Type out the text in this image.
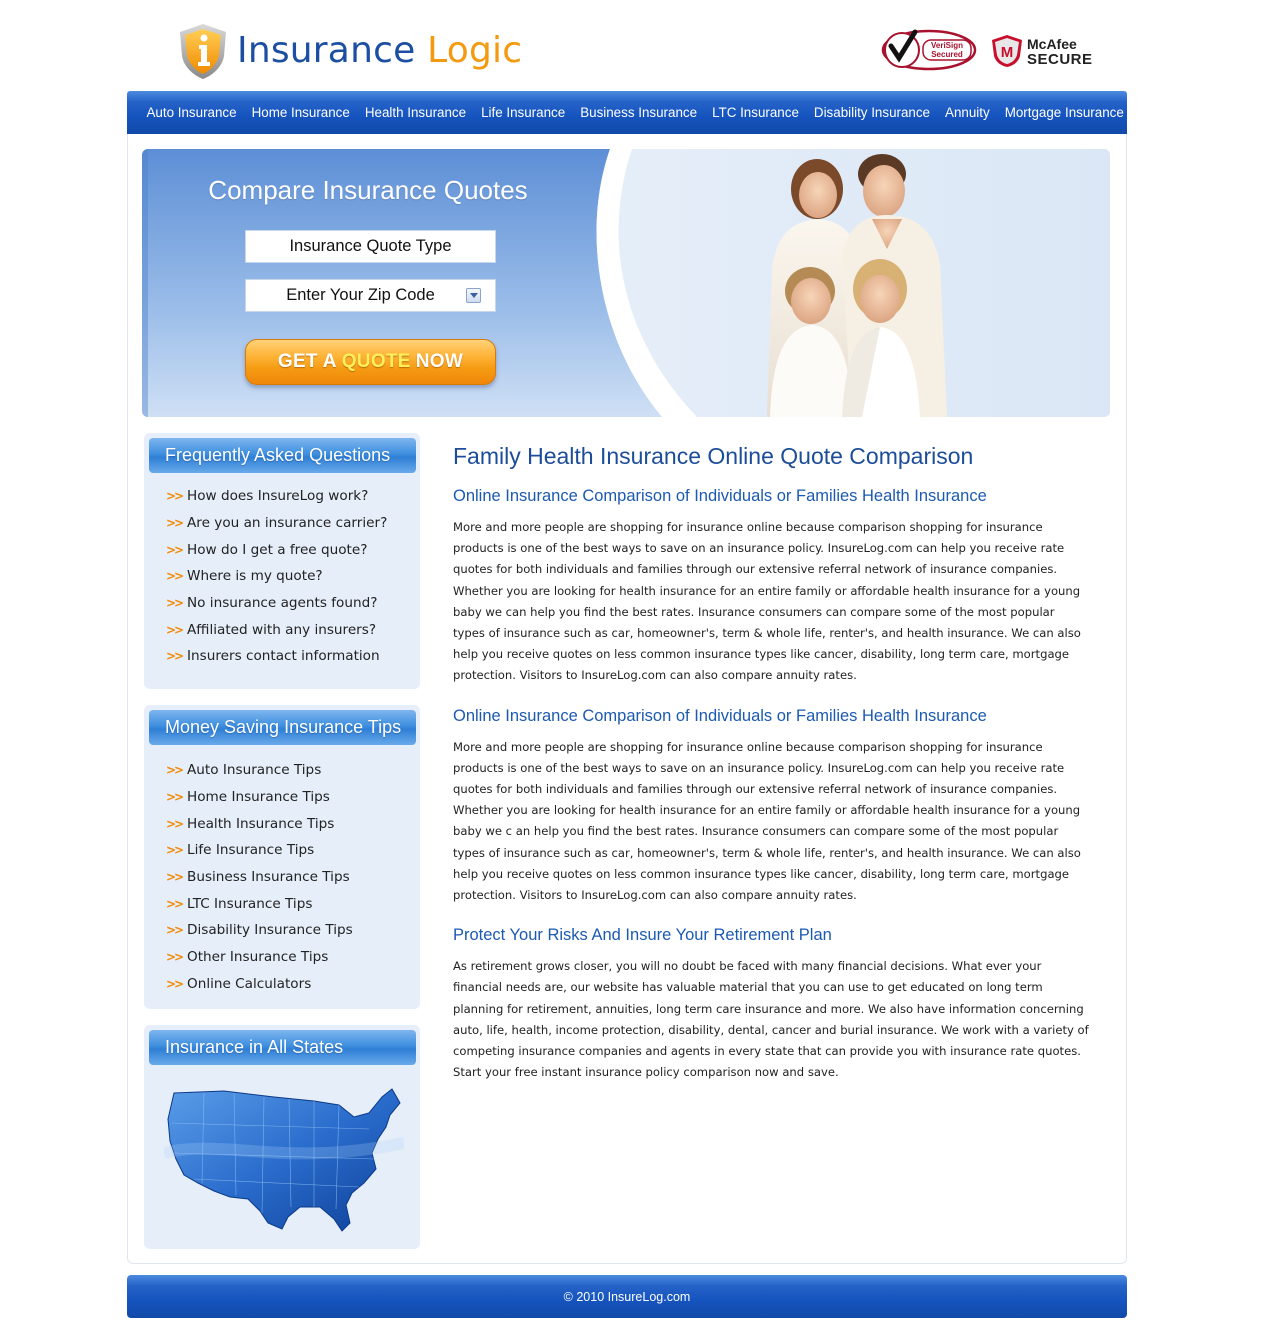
Insurance Logic	VeriSign
Secured	M McAfee
SECURE
Auto Insurance Home Insurance Health Insurance Life Insurance Business Insurance LTC Insurance Disability Insurance Annuity Mortgage Insurance
Compare Insurance Quotes
Insurance Quote Type
Enter Your Zip Code
GET A QUOTE NOW
Frequently Asked Questions
>> How does InsureLog work?
>> Are you an insurance carrier?
>> How do I get a free quote?
>> Where is my quote?
>> No insurance agents found?
>> Affiliated with any insurers?
>> Insurers contact information
Money Saving Insurance Tips
>> Auto Insurance Tips
>> Home Insurance Tips
>> Health Insurance Tips
>> Life Insurance Tips
>> Business Insurance Tips
>> LTC Insurance Tips
>> Disability Insurance Tips
>> Other Insurance Tips
>> Online Calculators
Insurance in All States
Family Health Insurance Online Quote Comparison
Online Insurance Comparison of Individuals or Families Health Insurance

More and more people are shopping for insurance online because comparison shopping for insurance products is one of the best ways to save on an insurance policy. InsureLog.com can help you receive rate quotes for both individuals and families through our extensive referral network of insurance companies. Whether you are looking for health insurance for an entire family or affordable health insurance for a young baby we can help you find the best rates. Insurance consumers can compare some of the most popular types of insurance such as car, homeowner's, term & whole life, renter's, and health insurance. We can also help you receive quotes on less common insurance types like cancer, disability, long term care, mortgage protection. Visitors to InsureLog.com can also compare annuity rates.

Online Insurance Comparison of Individuals or Families Health Insurance

More and more people are shopping for insurance online because comparison shopping for insurance products is one of the best ways to save on an insurance policy. InsureLog.com can help you receive rate quotes for both individuals and families through our extensive referral network of insurance companies. Whether you are looking for health insurance for an entire family or affordable health insurance for a young baby we c an help you find the best rates. Insurance consumers can compare some of the most popular types of insurance such as car, homeowner's, term & whole life, renter's, and health insurance. We can also help you receive quotes on less common insurance types like cancer, disability, long term care, mortgage protection. Visitors to InsureLog.com can also compare annuity rates.

Protect Your Risks And Insure Your Retirement Plan

As retirement grows closer, you will no doubt be faced with many financial decisions. What ever your financial needs are, our website has valuable material that you can use to get educated on long term planning for retirement, annuities, long term care insurance and more. We also have information concerning auto, life, health, income protection, disability, dental, cancer and burial insurance. We work with a variety of competing insurance companies and agents in every state that can provide you with insurance rate quotes. Start your free instant insurance policy comparison now and save.

© 2010 InsureLog.com
